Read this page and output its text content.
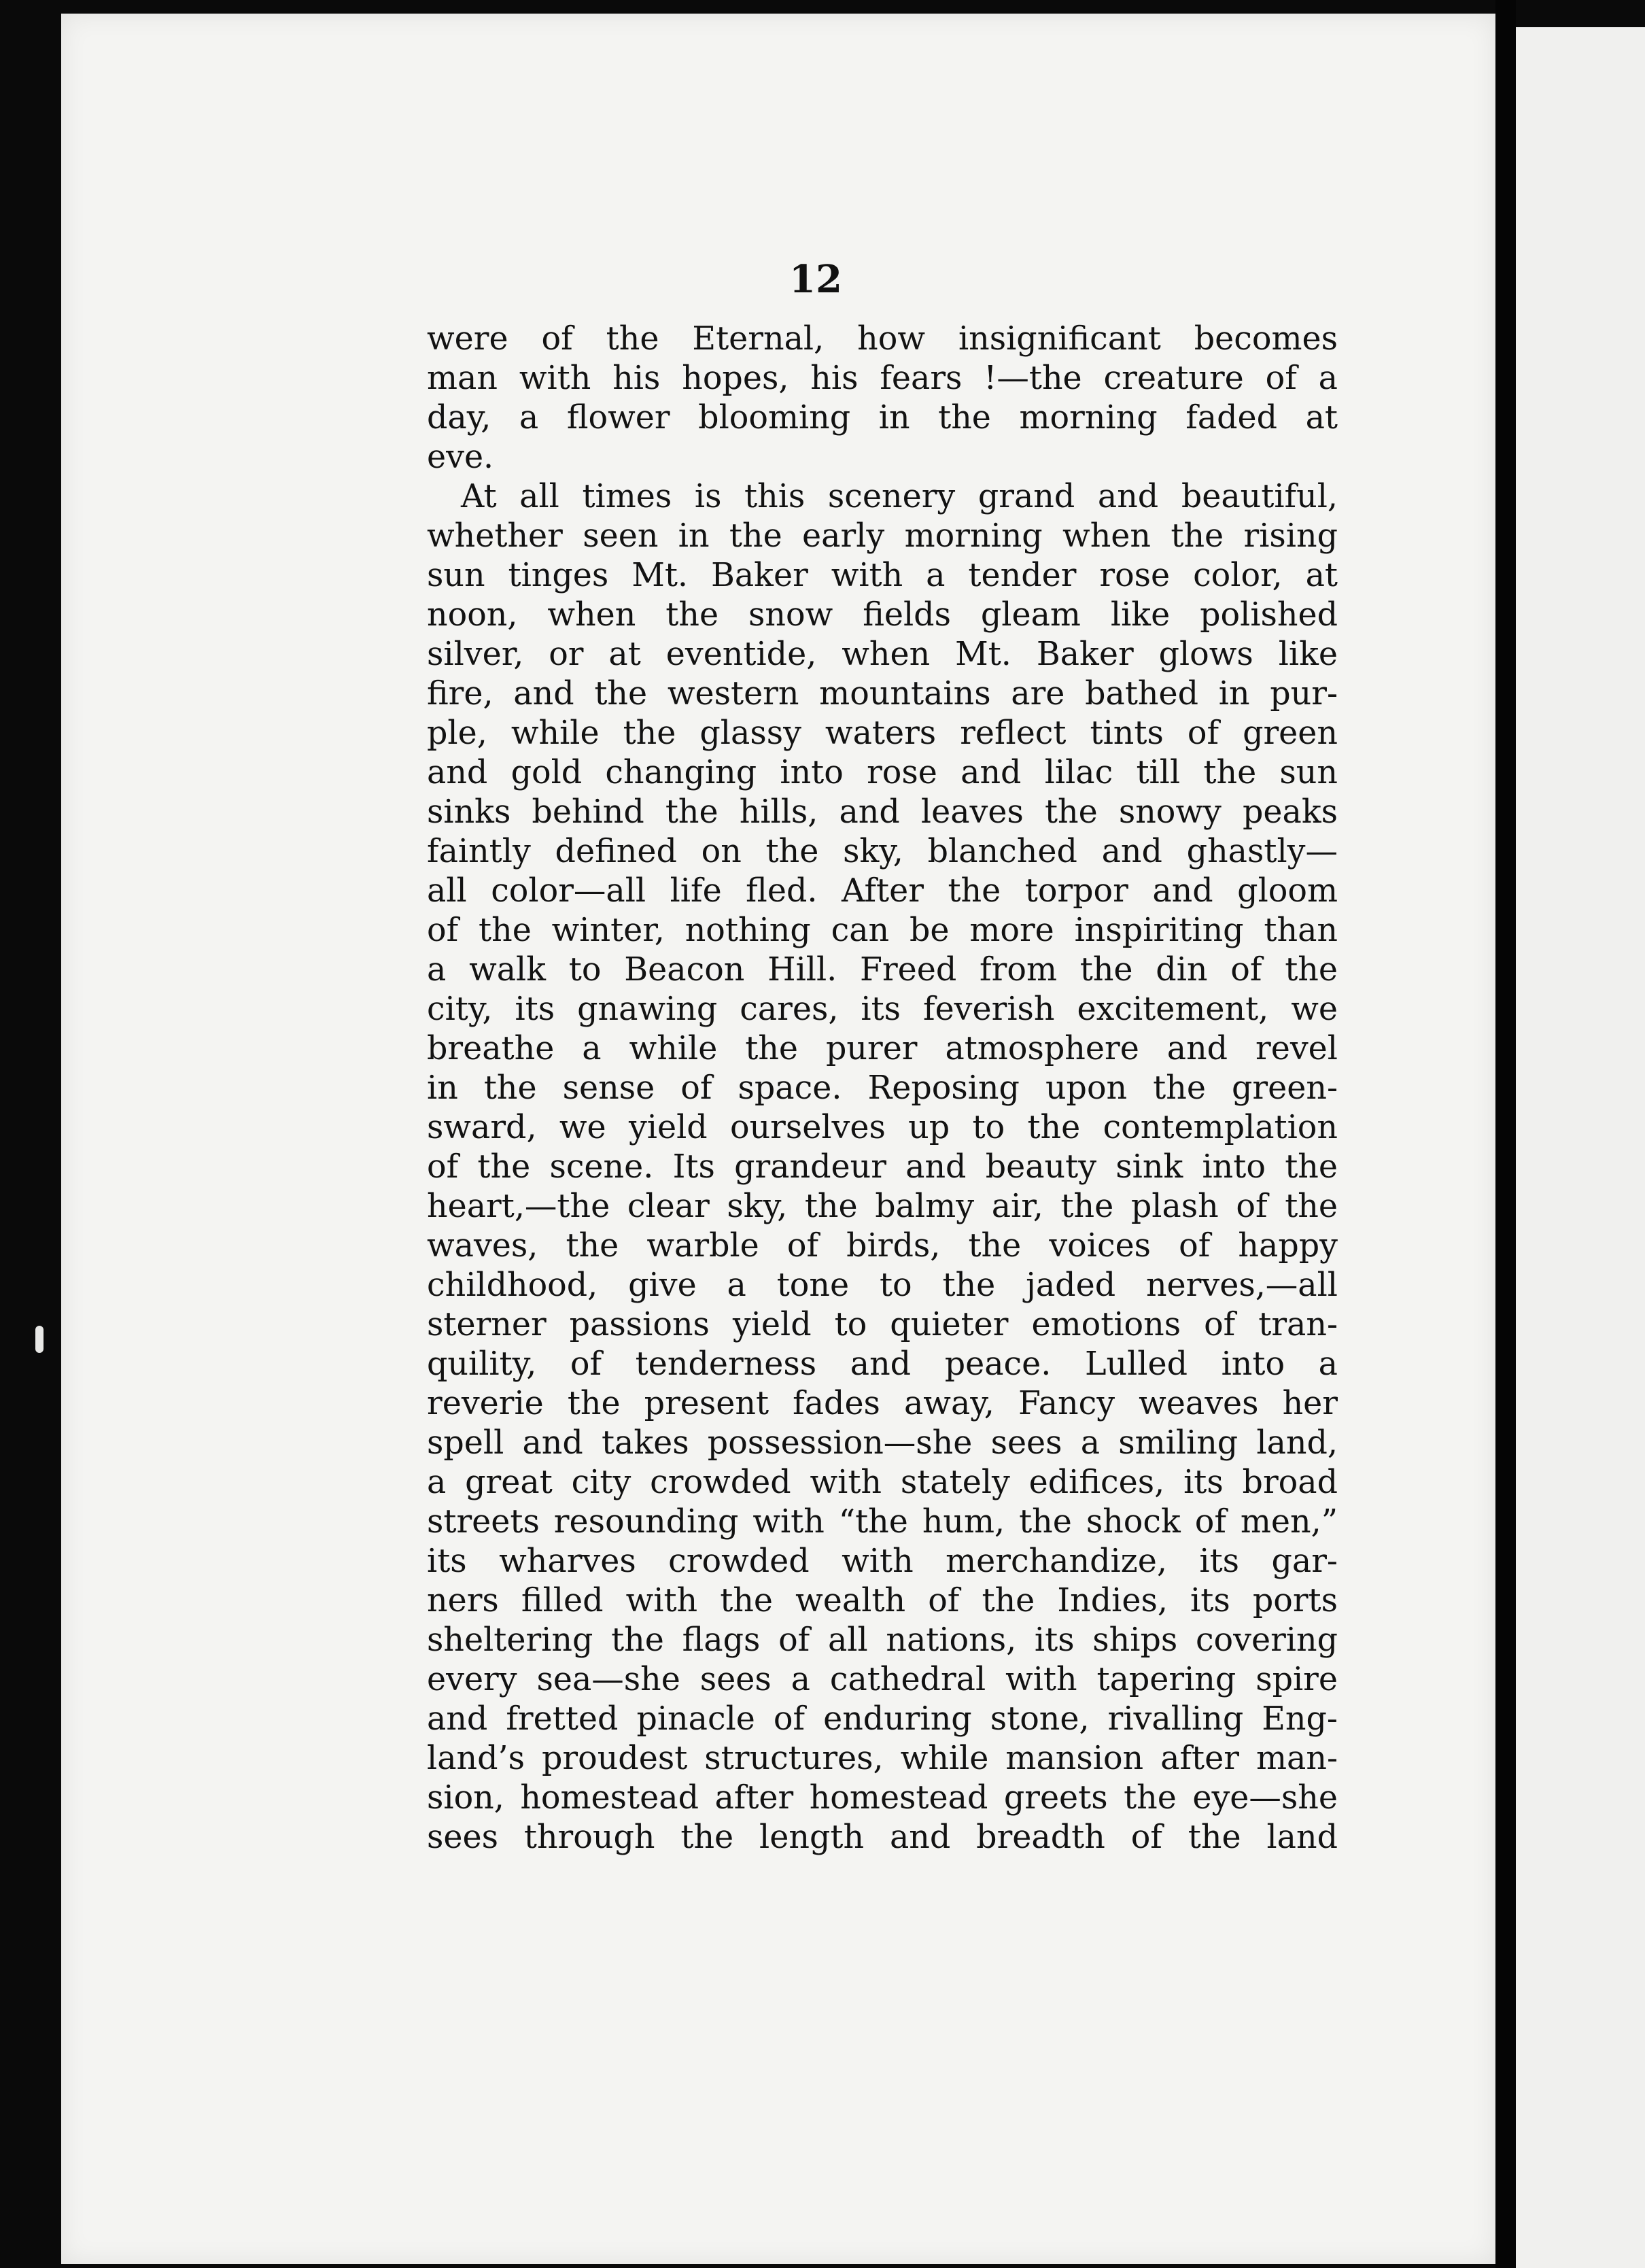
12
were of the Eternal, how insignificant becomes
man with his hopes, his fears !—the creature of a
day, a flower blooming in the morning faded at
eve.
At all times is this scenery grand and beautiful,
whether seen in the early morning when the rising
sun tinges Mt. Baker with a tender rose color, at
noon, when the snow fields gleam like polished
silver, or at eventide, when Mt. Baker glows like
fire, and the western mountains are bathed in pur-
ple, while the glassy waters reflect tints of green
and gold changing into rose and lilac till the sun
sinks behind the hills, and leaves the snowy peaks
faintly defined on the sky, blanched and ghastly—
all color—all life fled. After the torpor and gloom
of the winter, nothing can be more inspiriting than
a walk to Beacon Hill. Freed from the din of the
city, its gnawing cares, its feverish excitement, we
breathe a while the purer atmosphere and revel
in the sense of space. Reposing upon the green-
sward, we yield ourselves up to the contemplation
of the scene. Its grandeur and beauty sink into the
heart,—the clear sky, the balmy air, the plash of the
waves, the warble of birds, the voices of happy
childhood, give a tone to the jaded nerves,—all
sterner passions yield to quieter emotions of tran-
quility, of tenderness and peace. Lulled into a
reverie the present fades away, Fancy weaves her
spell and takes possession—she sees a smiling land,
a great city crowded with stately edifices, its broad
streets resounding with “the hum, the shock of men,”
its wharves crowded with merchandize, its gar-
ners filled with the wealth of the Indies, its ports
sheltering the flags of all nations, its ships covering
every sea—she sees a cathedral with tapering spire
and fretted pinacle of enduring stone, rivalling Eng-
land’s proudest structures, while mansion after man-
sion, homestead after homestead greets the eye—she
sees through the length and breadth of the land
